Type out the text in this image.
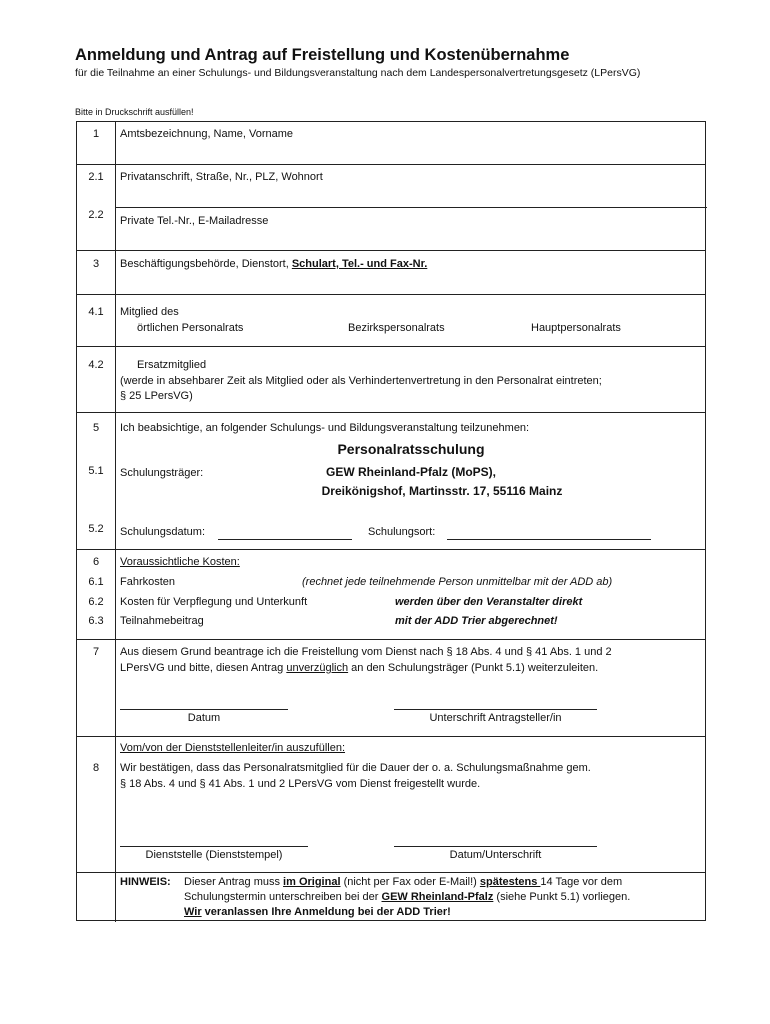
Anmeldung und Antrag auf Freistellung und Kostenübernahme
für die Teilnahme an einer Schulungs- und Bildungsveranstaltung nach dem Landespersonalvertretungsgesetz (LPersVG)
Bitte in Druckschrift ausfüllen!
1	Amtsbezeichnung, Name, Vorname
2.1	Privatanschrift, Straße, Nr., PLZ, Wohnort
2.2	Private Tel.-Nr., E-Mailadresse
3	Beschäftigungsbehörde, Dienstort, Schulart, Tel.- und Fax-Nr.
4.1	Mitglied des
örtlichen Personalrats	Bezirkspersonalrats	Hauptpersonalrats
4.2	Ersatzmitglied
(werde in absehbarer Zeit als Mitglied oder als Verhindertenvertretung in den Personalrat eintreten;
§ 25 LPersVG)
5	Ich beabsichtige, an folgender Schulungs- und Bildungsveranstaltung teilzunehmen:
Personalratsschulung
5.1	Schulungsträger:	GEW Rheinland-Pfalz (MoPS),
Dreikönigshof, Martinsstr. 17, 55116 Mainz
5.2	Schulungsdatum:	Schulungsort:
6	Voraussichtliche Kosten:
6.1	Fahrkosten	(rechnet jede teilnehmende Person unmittelbar mit der ADD ab)
6.2	Kosten für Verpflegung und Unterkunft	werden über den Veranstalter direkt
6.3	Teilnahmebeitrag	mit der ADD Trier abgerechnet!
7	Aus diesem Grund beantrage ich die Freistellung vom Dienst nach § 18 Abs. 4 und § 41 Abs. 1 und 2
LPersVG und bitte, diesen Antrag unverzüglich an den Schulungsträger (Punkt 5.1) weiterzuleiten.
Datum	Unterschrift Antragsteller/in
Vom/von der Dienststellenleiter/in auszufüllen:
8	Wir bestätigen, dass das Personalratsmitglied für die Dauer der o. a. Schulungsmaßnahme gem.
§ 18 Abs. 4 und § 41 Abs. 1 und 2 LPersVG vom Dienst freigestellt wurde.
Dienststelle (Dienststempel)	Datum/Unterschrift
HINWEIS: Dieser Antrag muss im Original (nicht per Fax oder E-Mail!) spätestens 14 Tage vor dem
Schulungstermin unterschreiben bei der GEW Rheinland-Pfalz (siehe Punkt 5.1) vorliegen.
Wir veranlassen Ihre Anmeldung bei der ADD Trier!
